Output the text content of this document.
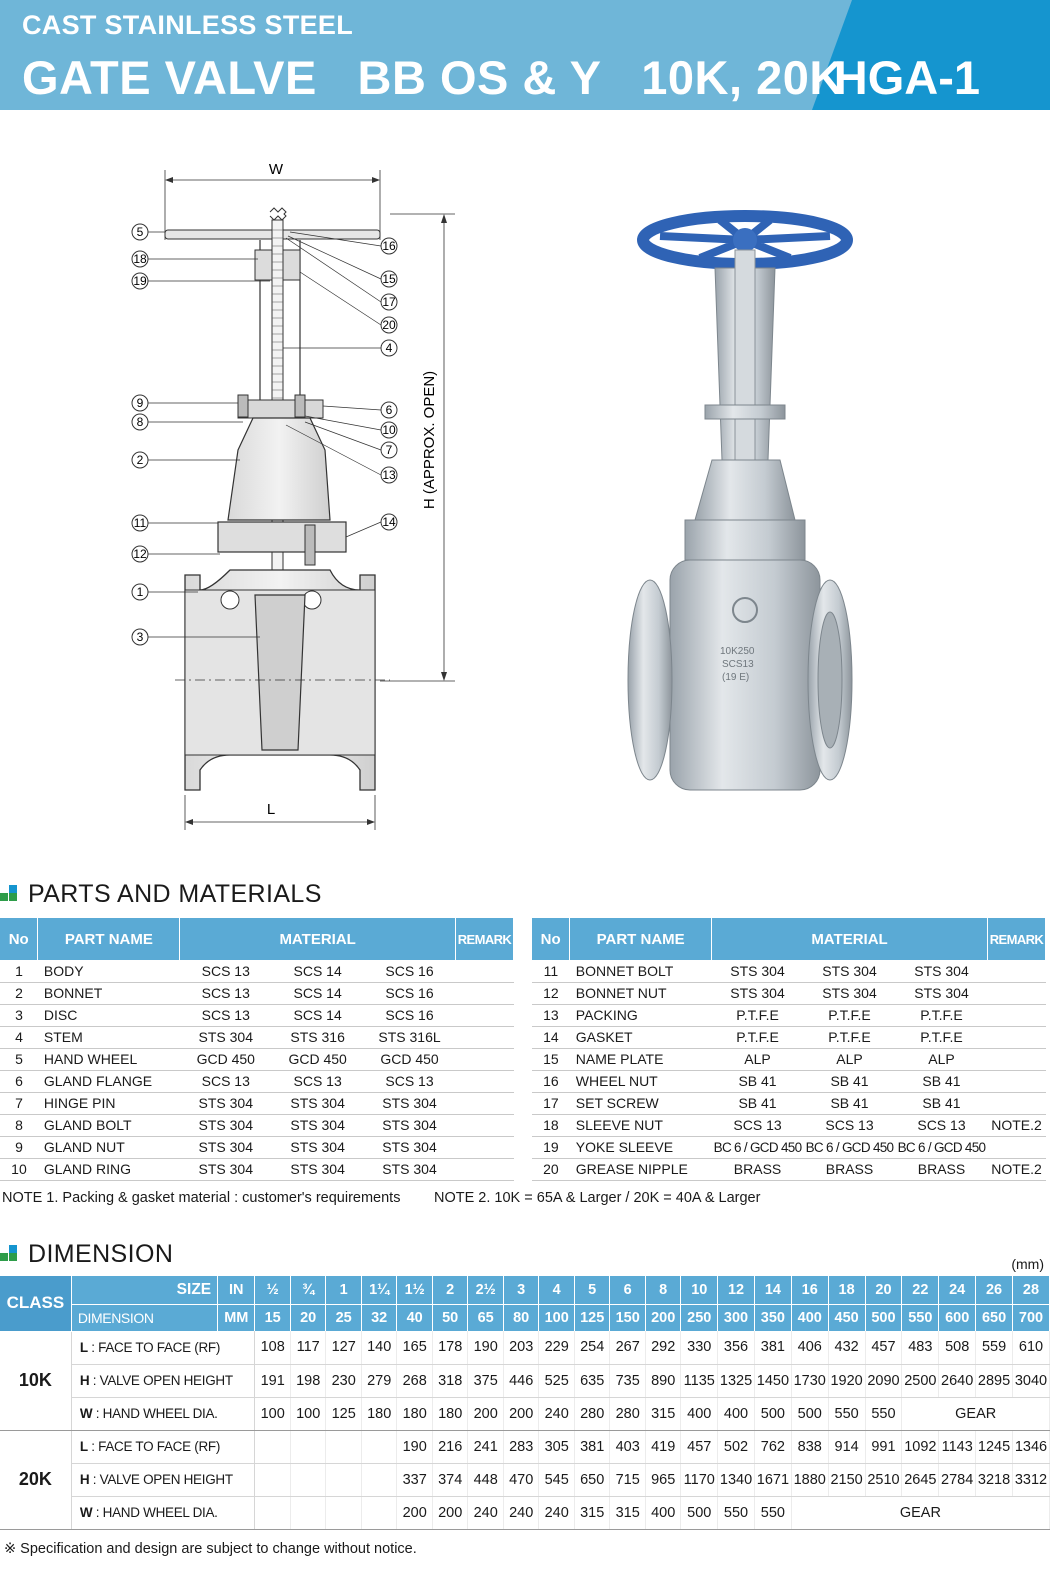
CAST STAINLESS STEEL
GATE VALVE   BB OS & Y   10K, 20K
HGA-1
W
H (APPROX. OPEN)
L
5
18
19
9
8
2
11
12
1
3
16
15
17
20
4
6
10
7
13
14
10K250
SCS13
(19 E)
PARTS AND MATERIALS
No	PART NAME	MATERIAL			REMARK
1	BODY	SCS 13	SCS 14	SCS 16	
2	BONNET	SCS 13	SCS 14	SCS 16	
3	DISC	SCS 13	SCS 14	SCS 16	
4	STEM	STS 304	STS 316	STS 316L	
5	HAND WHEEL	GCD 450	GCD 450	GCD 450	
6	GLAND FLANGE	SCS 13	SCS 13	SCS 13	
7	HINGE PIN	STS 304	STS 304	STS 304	
8	GLAND BOLT	STS 304	STS 304	STS 304	
9	GLAND NUT	STS 304	STS 304	STS 304	
10	GLAND RING	STS 304	STS 304	STS 304	
No	PART NAME	MATERIAL			REMARK
11	BONNET BOLT	STS 304	STS 304	STS 304	
12	BONNET NUT	STS 304	STS 304	STS 304	
13	PACKING	P.T.F.E	P.T.F.E	P.T.F.E	
14	GASKET	P.T.F.E	P.T.F.E	P.T.F.E	
15	NAME PLATE	ALP	ALP	ALP	
16	WHEEL NUT	SB 41	SB 41	SB 41	
17	SET SCREW	SB 41	SB 41	SB 41	
18	SLEEVE NUT	SCS 13	SCS 13	SCS 13	NOTE.2
19	YOKE SLEEVE	BC 6 / GCD 450	BC 6 / GCD 450	BC 6 / GCD 450	
20	GREASE NIPPLE	BRASS	BRASS	BRASS	NOTE.2
NOTE 1. Packing & gasket material : customer's requirements NOTE 2. 10K = 65A & Larger / 20K = 40A & Larger
DIMENSION	(mm)
CLASS	SIZE	IN	½	¾	1	1¼	1½	2	2½	3	4	5	6	8	10	12	14	16	18	20	22	24	26	28
	DIMENSION	MM	15	20	25	32	40	50	65	80	100	125	150	200	250	300	350	400	450	500	550	600	650	700
10K	L : FACE TO FACE (RF)		108	117	127	140	165	178	190	203	229	254	267	292	330	356	381	406	432	457	483	508	559	610
	H : VALVE OPEN HEIGHT		191	198	230	279	268	318	375	446	525	635	735	890	1135	1325	1450	1730	1920	2090	2500	2640	2895	3040
	W : HAND WHEEL DIA.		100	100	125	180	180	180	200	200	240	280	280	315	400	400	500	500	550	550	GEAR			
20K	L : FACE TO FACE (RF)						190	216	241	283	305	381	403	419	457	502	762	838	914	991	1092	1143	1245	1346
	H : VALVE OPEN HEIGHT						337	374	448	470	545	650	715	965	1170	1340	1671	1880	2150	2510	2645	2784	3218	3312
	W : HAND WHEEL DIA.						200	200	240	240	240	315	315	400	500	550	550	GEAR						
※ Specification and design are subject to change without notice.
